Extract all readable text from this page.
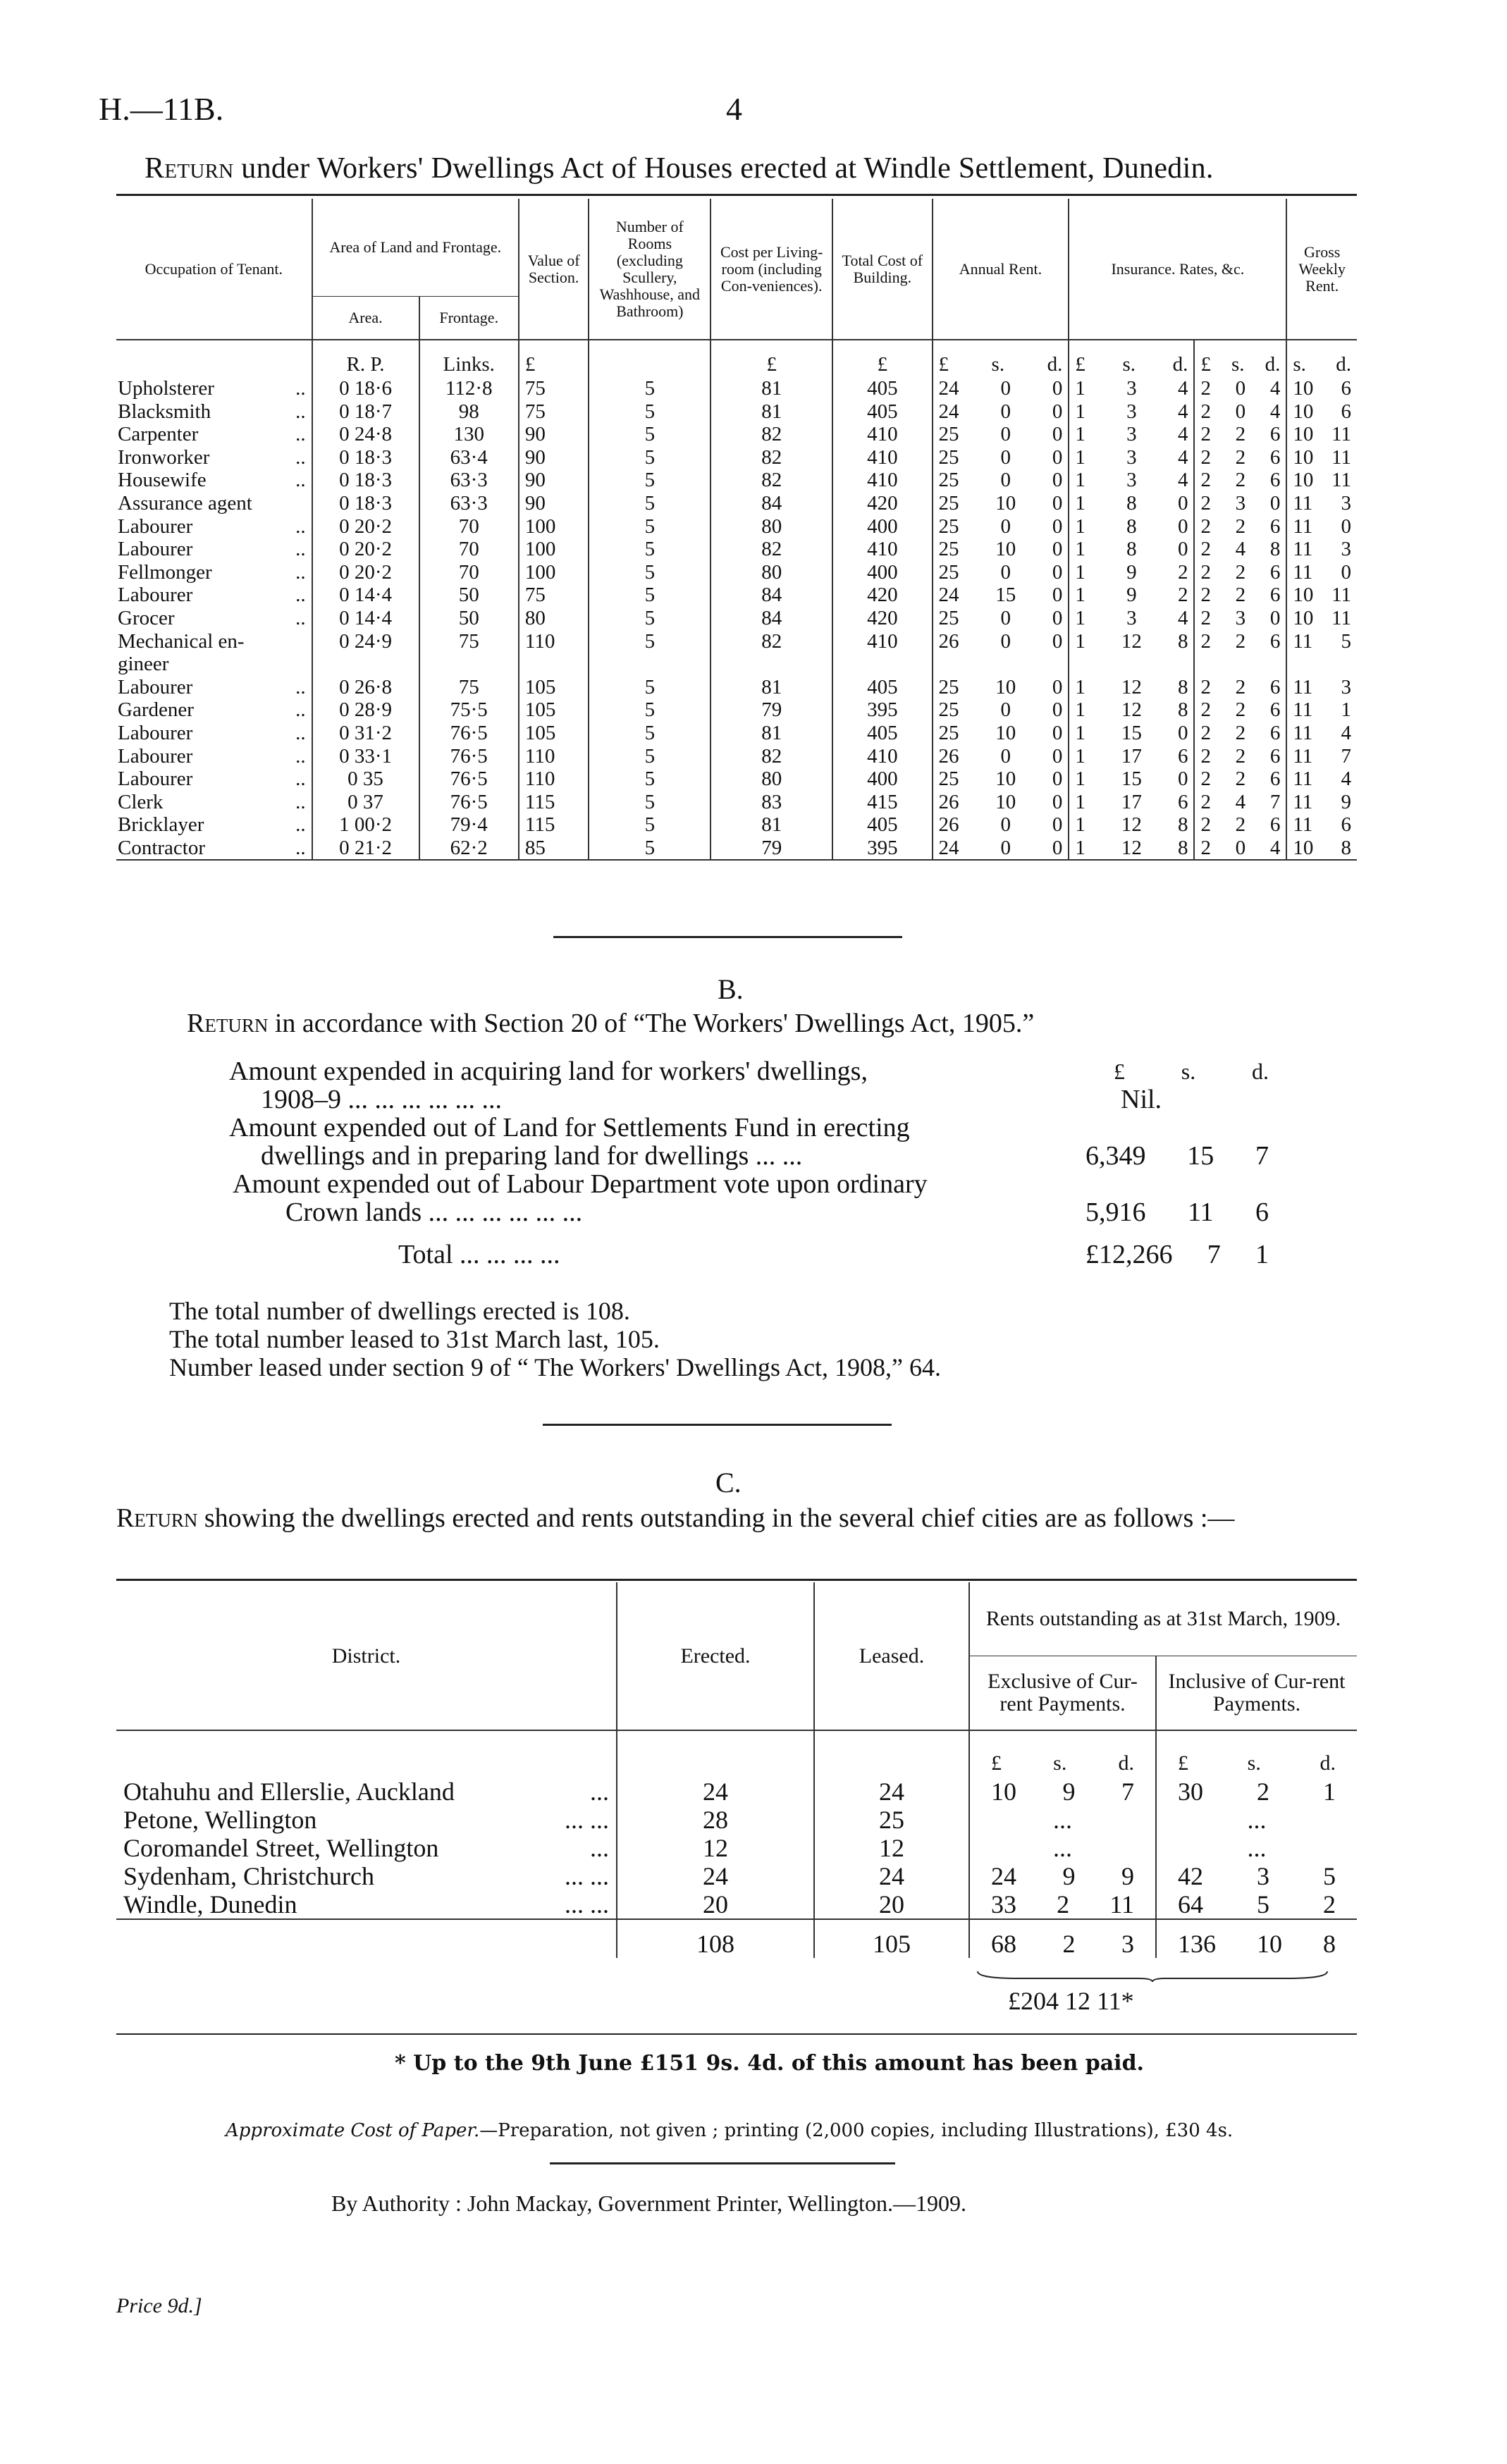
H.—11B.	4
Return under Workers' Dwellings Act of Houses erected at Windle Settlement, Dunedin.
Occupation of Tenant.	Area of Land and Frontage.		Value of Section.	Number of Rooms (excluding Scullery, Washhouse, and Bathroom)	Cost per Living-room (including Con-veniences).	Total Cost of Building.	Annual Rent.	Insurance. Rates, &c.		Gross Weekly Rent.
	Area.	Frontage.								
	R. P.	Links.	£		£	£	£ s. d.	£ s. d.	£ s. d.	s. d.

Upholsterer ..	0 18·6	112·8	75	5	81	405	24 0 0	1 3 4	2 0 4	10 6

Blacksmith ..	0 18·7	98	75	5	81	405	24 0 0	1 3 4	2 0 4	10 6

Carpenter ..	0 24·8	130	90	5	82	410	25 0 0	1 3 4	2 2 6	10 11

Ironworker ..	0 18·3	63·4	90	5	82	410	25 0 0	1 3 4	2 2 6	10 11

Housewife ..	0 18·3	63·3	90	5	82	410	25 0 0	1 3 4	2 2 6	10 11

Assurance agent	0 18·3	63·3	90	5	84	420	25 10 0	1 8 0	2 3 0	11 3

Labourer ..	0 20·2	70	100	5	80	400	25 0 0	1 8 0	2 2 6	11 0

Labourer ..	0 20·2	70	100	5	82	410	25 10 0	1 8 0	2 4 8	11 3

Fellmonger ..	0 20·2	70	100	5	80	400	25 0 0	1 9 2	2 2 6	11 0

Labourer ..	0 14·4	50	75	5	84	420	24 15 0	1 9 2	2 2 6	10 11

Grocer ..	0 14·4	50	80	5	84	420	25 0 0	1 3 4	2 3 0	10 11

Mechanical en-	0 24·9	75	110	5	82	410	26 0 0	1 12 8	2 2 6	11 5

gineer										

Labourer ..	0 26·8	75	105	5	81	405	25 10 0	1 12 8	2 2 6	11 3

Gardener ..	0 28·9	75·5	105	5	79	395	25 0 0	1 12 8	2 2 6	11 1

Labourer ..	0 31·2	76·5	105	5	81	405	25 10 0	1 15 0	2 2 6	11 4

Labourer ..	0 33·1	76·5	110	5	82	410	26 0 0	1 17 6	2 2 6	11 7

Labourer ..	0 35	76·5	110	5	80	400	25 10 0	1 15 0	2 2 6	11 4

Clerk ..	0 37	76·5	115	5	83	415	26 10 0	1 17 6	2 4 7	11 9

Bricklayer ..	1 00·2	79·4	115	5	81	405	26 0 0	1 12 8	2 2 6	11 6

Contractor ..	0 21·2	62·2	85	5	79	395	24 0 0	1 12 8	2 0 4	10 8
B.
Return in accordance with Section 20 of “The Workers' Dwellings Act, 1905.”
Amount expended in acquiring land for workers' dwellings,	£ s. d.
1908–9 ... ... ... ... ... ...	Nil.
Amount expended out of Land for Settlements Fund in erecting
dwellings and in preparing land for dwellings ... ...	6,349 15 7
Amount expended out of Labour Department vote upon ordinary
Crown lands ... ... ... ... ... ...	5,916 11 6
Total ... ... ... ...	£12,266 7 1
The total number of dwellings erected is 108.
The total number leased to 31st March last, 105.
Number leased under section 9 of “ The Workers' Dwellings Act, 1908,” 64.
C.
Return showing the dwellings erected and rents outstanding in the several chief cities are as follows :—
District.	Erected.	Leased.	Rents outstanding as at 31st March, 1909.	
			Exclusive of Cur-rent Payments.	Inclusive of Cur-rent Payments.

			£ s. d.	£ s. d.

Otahuhu and Ellerslie, Auckland ...	24	24	10 9 7	30 2 1

Petone, Wellington ... ...	28	25	...	...

Coromandel Street, Wellington ...	12	12	...	...

Sydenham, Christchurch ... ...	24	24	24 9 9	42 3 5

Windle, Dunedin ... ...	20	20	33 2 11	64 5 2

	108	105	68 2 3	136 10 8
£204 12 11*
* Up to the 9th June £151 9s. 4d. of this amount has been paid.
Approximate Cost of Paper.—Preparation, not given ; printing (2,000 copies, including Illustrations), £30 4s.
By Authority : John Mackay, Government Printer, Wellington.—1909.
Price 9d.]
